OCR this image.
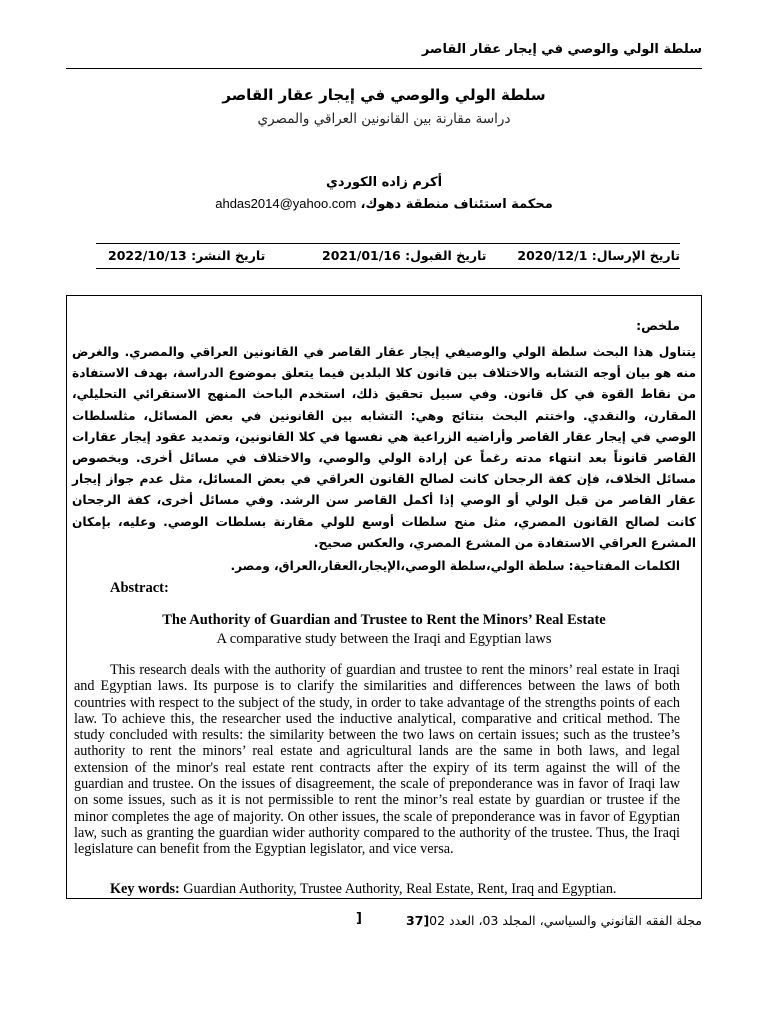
سلطة الولي والوصي في إيجار عقار القاصر
سلطة الولي والوصي في إيجار عقار القاصر
دراسة مقارنة بين القانونين العراقي والمصري
أكرم زاده الكوردي
محكمة استئناف منطقة دهوك، ahdas2014@yahoo.com
تاريخ الإرسال: 2020/12/1
تاريخ القبول: 2021/01/16
تاريخ النشر: 2022/10/13
ملخص:

يتناول هذا البحث سلطة الولي والوصيفي إيجار عقار القاصر في القانونين العراقي والمصري. والغرض منه هو بيان أوجه التشابه والاختلاف بين قانون كلا البلدين فيما يتعلق بموضوع الدراسة، بهدف الاستفادة من نقاط القوة في كل قانون. وفي سبيل تحقيق ذلك، استخدم الباحث المنهج الاستقرائي التحليلي، المقارن، والنقدي. واختتم البحث بنتائج وهي: التشابه بين القانونين في بعض المسائل، مثلسلطات الوصي في إيجار عقار القاصر وأراضيه الزراعية هي نفسها في كلا القانونين، وتمديد عقود إيجار عقارات القاصر قانوناً بعد انتهاء مدته رغماً عن إرادة الولي والوصي، والاختلاف في مسائل أخرى. وبخصوص مسائل الخلاف، فإن كفة الرجحان كانت لصالح القانون العراقي في بعض المسائل، مثل عدم جواز إيجار عقار القاصر من قبل الولي أو الوصي إذا أكمل القاصر سن الرشد. وفي مسائل أخرى، كفة الرجحان كانت لصالح القانون المصري، مثل منح سلطات أوسع للولي مقارنة بسلطات الوصي. وعليه، بإمكان المشرع العراقي الاستفادة من المشرع المصري، والعكس صحيح.

الكلمات المفتاحية: سلطة الولي،سلطة الوصي،الإيجار،العقار،العراق، ومصر.
Abstract:
The Authority of Guardian and Trustee to Rent the Minors’ Real Estate
A comparative study between the Iraqi and Egyptian laws

This research deals with the authority of guardian and trustee to rent the minors’ real estate in Iraqi and Egyptian laws. Its purpose is to clarify the similarities and differences between the laws of both countries with respect to the subject of the study, in order to take advantage of the strengths points of each law. To achieve this, the researcher used the inductive analytical, comparative and critical method. The study concluded with results: the similarity between the two laws on certain issues; such as the trustee’s authority to rent the minors’ real estate and agricultural lands are the same in both laws, and legal extension of the minor's real estate rent contracts after the expiry of its term against the will of the guardian and trustee. On the issues of disagreement, the scale of preponderance was in favor of Iraqi law on some issues, such as it is not permissible to rent the minor’s real estate by guardian or trustee if the minor completes the age of majority. On other issues, the scale of preponderance was in favor of Egyptian law, such as granting the guardian wider authority compared to the authority of the trustee. Thus, the Iraqi legislature can benefit from the Egyptian legislator, and vice versa.

Key words: Guardian Authority, Trustee Authority, Real Estate, Rent, Iraq and Egyptian.
مجلة الفقه القانوني والسياسي، المجلد 03، العدد 02[37
]
